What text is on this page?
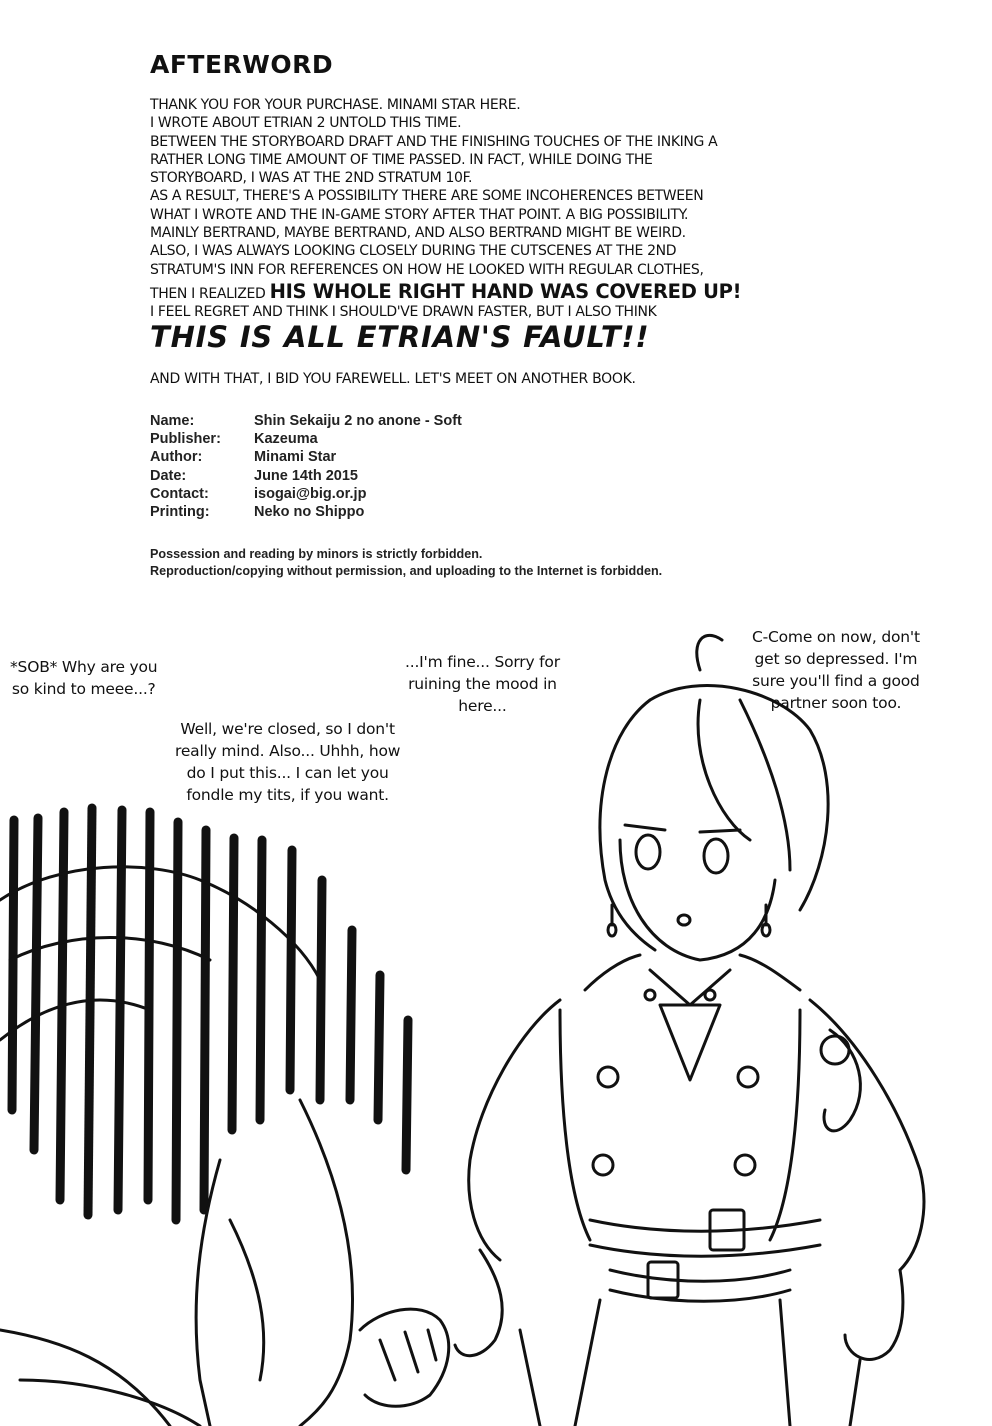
AFTERWORD
THANK YOU FOR YOUR PURCHASE. MINAMI STAR HERE.
I WROTE ABOUT ETRIAN 2 UNTOLD THIS TIME.
BETWEEN THE STORYBOARD DRAFT AND THE FINISHING TOUCHES OF THE INKING A
RATHER LONG TIME AMOUNT OF TIME PASSED. IN FACT, WHILE DOING THE
STORYBOARD, I WAS AT THE 2ND STRATUM 10F.
AS A RESULT, THERE'S A POSSIBILITY THERE ARE SOME INCOHERENCES BETWEEN
WHAT I WROTE AND THE IN-GAME STORY AFTER THAT POINT. A BIG POSSIBILITY.
MAINLY BERTRAND, MAYBE BERTRAND, AND ALSO BERTRAND MIGHT BE WEIRD.
ALSO, I WAS ALWAYS LOOKING CLOSELY DURING THE CUTSCENES AT THE 2ND
STRATUM'S INN FOR REFERENCES ON HOW HE LOOKED WITH REGULAR CLOTHES,
THEN I REALIZED HIS WHOLE RIGHT HAND WAS COVERED UP!
I FEEL REGRET AND THINK I SHOULD'VE DRAWN FASTER, BUT I ALSO THINK
THIS IS ALL ETRIAN'S FAULT!!
AND WITH THAT, I BID YOU FAREWELL. LET'S MEET ON ANOTHER BOOK.
Name:	Shin Sekaiju 2 no anone - Soft
Publisher:	Kazeuma
Author:	Minami Star
Date:	June 14th 2015
Contact:	isogai@big.or.jp
Printing:	Neko no Shippo
Possession and reading by minors is strictly forbidden.
Reproduction/copying without permission, and uploading to the Internet is forbidden.
*SOB* Why are you
so kind to meee...?
Well, we're closed, so I don't
really mind. Also... Uhhh, how
do I put this... I can let you
fondle my tits, if you want.
...I'm fine... Sorry for
ruining the mood in
here...
C-Come on now, don't
get so depressed. I'm
sure you'll find a good
partner soon too.
